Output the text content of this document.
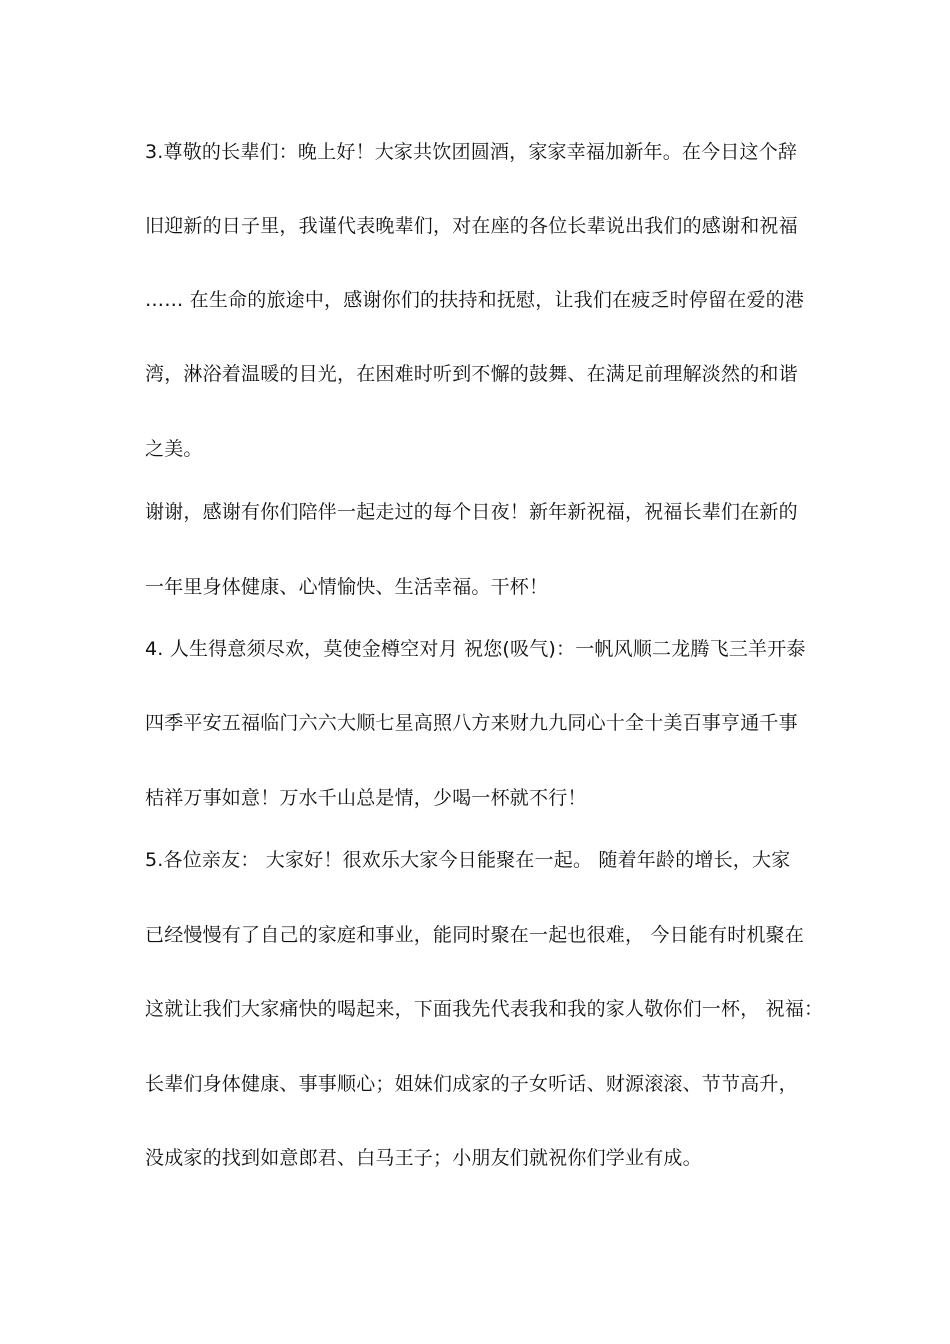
3.尊敬的长辈们：晚上好！大家共饮团圆酒，家家幸福加新年。在今日这个辞
旧迎新的日子里，我谨代表晚辈们，对在座的各位长辈说出我们的感谢和祝福
…… 在生命的旅途中，感谢你们的扶持和抚慰，让我们在疲乏时停留在爱的港
湾，淋浴着温暖的目光，在困难时听到不懈的鼓舞、在满足前理解淡然的和谐
之美。
谢谢，感谢有你们陪伴一起走过的每个日夜！新年新祝福，祝福长辈们在新的
一年里身体健康、心情愉快、生活幸福。干杯！
4. 人生得意须尽欢，莫使金樽空对月 祝您(吸气)：一帆风顺二龙腾飞三羊开泰
四季平安五福临门六六大顺七星高照八方来财九九同心十全十美百事亨通千事
桔祥万事如意！万水千山总是情，少喝一杯就不行！
5.各位亲友： 大家好！很欢乐大家今日能聚在一起。 随着年龄的增长，大家
已经慢慢有了自己的家庭和事业，能同时聚在一起也很难， 今日能有时机聚在
这就让我们大家痛快的喝起来，下面我先代表我和我的家人敬你们一杯， 祝福：
长辈们身体健康、事事顺心；姐妹们成家的子女听话、财源滚滚、节节高升，
没成家的找到如意郎君、白马王子；小朋友们就祝你们学业有成。
